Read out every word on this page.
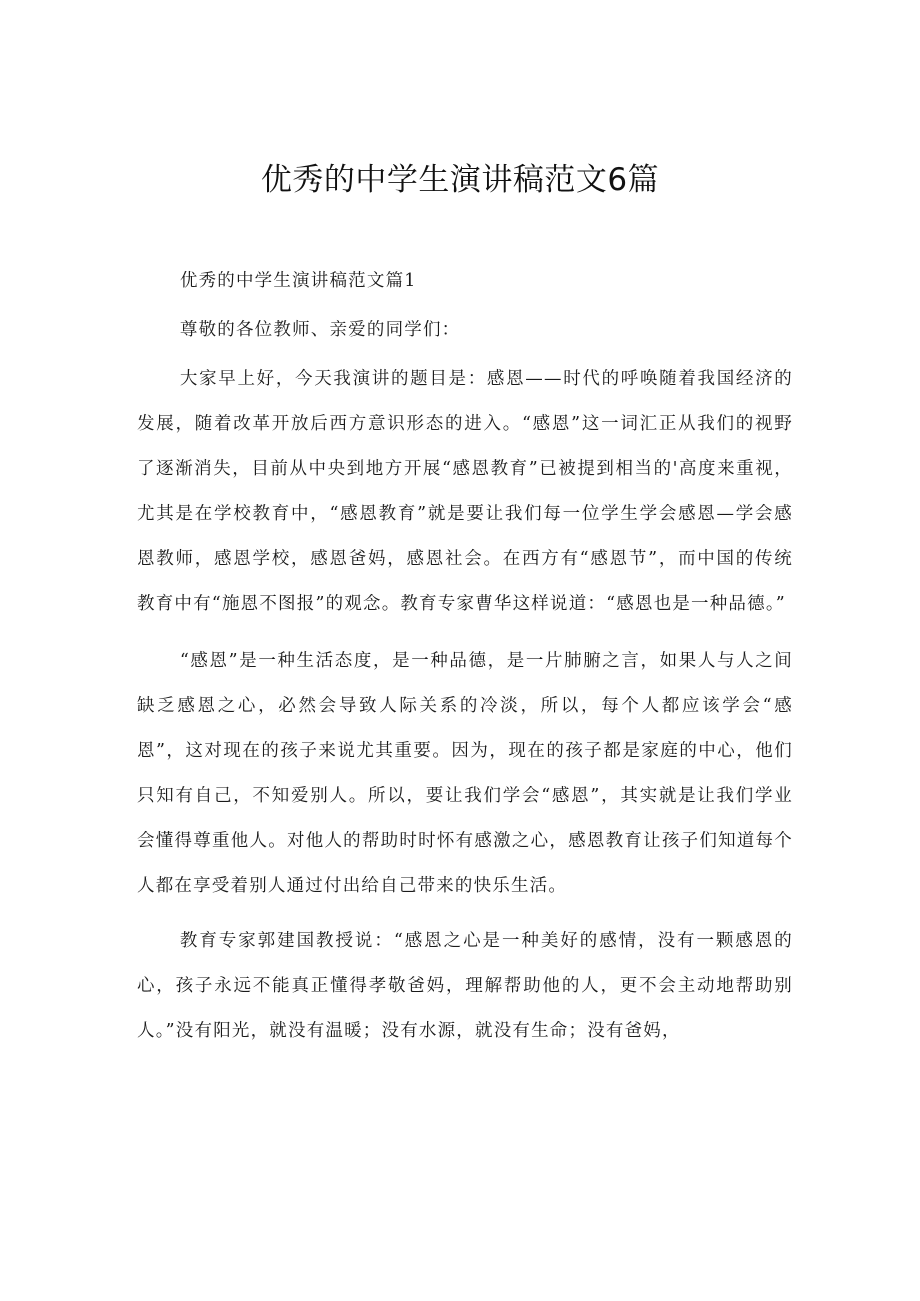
优秀的中学生演讲稿范文6篇

优秀的中学生演讲稿范文篇1

尊敬的各位教师、亲爱的同学们：

大家早上好，今天我演讲的题目是：感恩——时代的呼唤随着我国经济的发展，随着改革开放后西方意识形态的进入。“感恩”这一词汇正从我们的视野了逐渐消失，目前从中央到地方开展“感恩教育”已被提到相当的'高度来重视，尤其是在学校教育中，“感恩教育”就是要让我们每一位学生学会感恩—学会感恩教师，感恩学校，感恩爸妈，感恩社会。在西方有“感恩节”，而中国的传统教育中有“施恩不图报”的观念。教育专家曹华这样说道：“感恩也是一种品德。”

“感恩”是一种生活态度，是一种品德，是一片肺腑之言，如果人与人之间缺乏感恩之心，必然会导致人际关系的冷淡，所以，每个人都应该学会“感恩”，这对现在的孩子来说尤其重要。因为，现在的孩子都是家庭的中心，他们只知有自己，不知爱别人。所以，要让我们学会“感恩”，其实就是让我们学业会懂得尊重他人。对他人的帮助时时怀有感激之心，感恩教育让孩子们知道每个人都在享受着别人通过付出给自己带来的快乐生活。

教育专家郭建国教授说：“感恩之心是一种美好的感情，没有一颗感恩的心，孩子永远不能真正懂得孝敬爸妈，理解帮助他的人，更不会主动地帮助别人。”没有阳光，就没有温暖；没有水源，就没有生命；没有爸妈，
